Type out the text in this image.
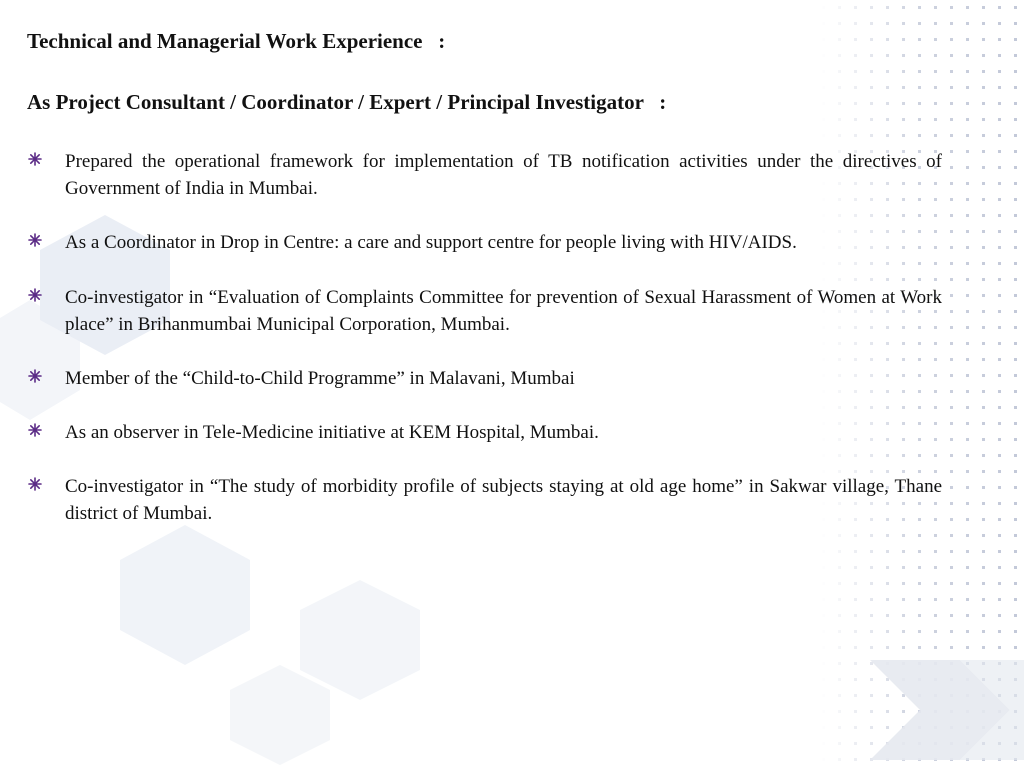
Technical and Managerial Work Experience   :
As Project Consultant / Coordinator / Expert / Principal Investigator   :
Prepared the operational framework for implementation of TB notification activities under the directives of Government of India in Mumbai.
As a Coordinator in Drop in Centre: a care and support centre for people living with HIV/AIDS.
Co-investigator in “Evaluation of Complaints Committee for prevention of Sexual Harassment of Women at Work place” in Brihanmumbai Municipal Corporation, Mumbai.
Member of the “Child-to-Child Programme” in Malavani, Mumbai
As an observer in Tele-Medicine initiative at KEM Hospital, Mumbai.
Co-investigator in “The study of morbidity profile of subjects staying at old age home” in Sakwar village, Thane district of Mumbai.
